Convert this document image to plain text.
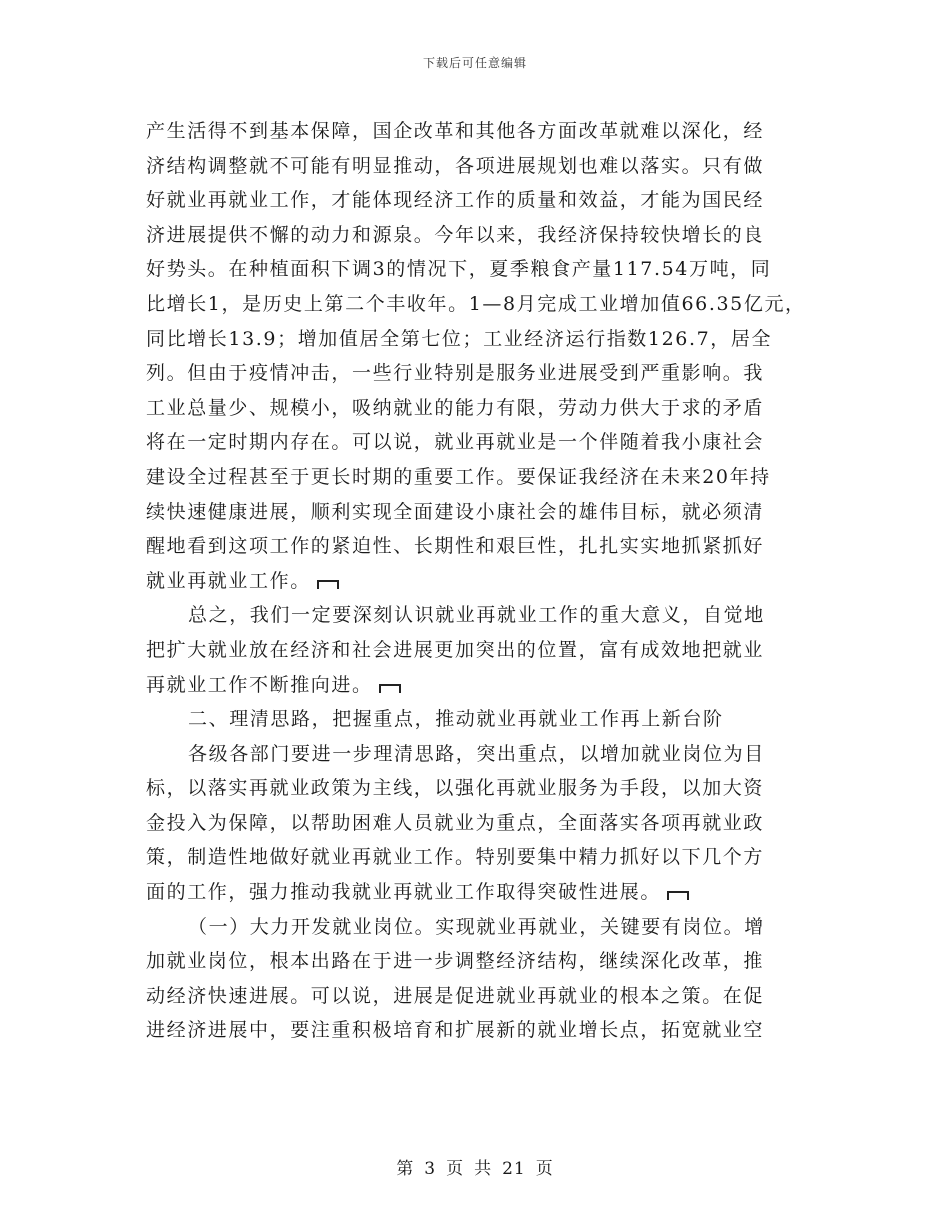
下载后可任意编辑
产生活得不到基本保障，国企改革和其他各方面改革就难以深化，经
济结构调整就不可能有明显推动，各项进展规划也难以落实。只有做
好就业再就业工作，才能体现经济工作的质量和效益，才能为国民经
济进展提供不懈的动力和源泉。今年以来，我经济保持较快增长的良
好势头。在种植面积下调3的情况下，夏季粮食产量117.54万吨，同
比增长1，是历史上第二个丰收年。1—8月完成工业增加值66.35亿元，
同比增长13.9；增加值居全第七位；工业经济运行指数126.7，居全
列。但由于疫情冲击，一些行业特别是服务业进展受到严重影响。我
工业总量少、规模小，吸纳就业的能力有限，劳动力供大于求的矛盾
将在一定时期内存在。可以说，就业再就业是一个伴随着我小康社会
建设全过程甚至于更长时期的重要工作。要保证我经济在未来20年持
续快速健康进展，顺利实现全面建设小康社会的雄伟目标，就必须清
醒地看到这项工作的紧迫性、长期性和艰巨性，扎扎实实地抓紧抓好
就业再就业工作。
总之，我们一定要深刻认识就业再就业工作的重大意义，自觉地
把扩大就业放在经济和社会进展更加突出的位置，富有成效地把就业
再就业工作不断推向进。
二、理清思路，把握重点，推动就业再就业工作再上新台阶
各级各部门要进一步理清思路，突出重点，以增加就业岗位为目
标，以落实再就业政策为主线，以强化再就业服务为手段，以加大资
金投入为保障，以帮助困难人员就业为重点，全面落实各项再就业政
策，制造性地做好就业再就业工作。特别要集中精力抓好以下几个方
面的工作，强力推动我就业再就业工作取得突破性进展。
（一）大力开发就业岗位。实现就业再就业，关键要有岗位。增
加就业岗位，根本出路在于进一步调整经济结构，继续深化改革，推
动经济快速进展。可以说，进展是促进就业再就业的根本之策。在促
进经济进展中，要注重积极培育和扩展新的就业增长点，拓宽就业空
第 3 页 共 21 页
